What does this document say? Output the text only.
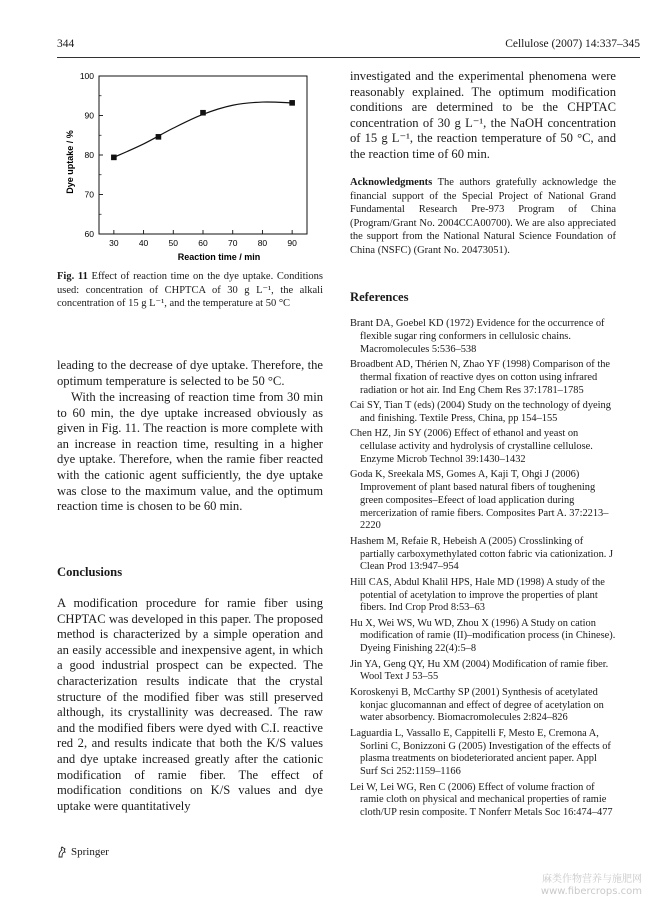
344	Cellulose (2007) 14:337–345
30 40 50 60 70 80 90
60
70
80
90
100
Reaction time / min
Dye uptake / %
Fig. 11 Effect of reaction time on the dye uptake. Conditions used: concentration of CHPTCA of 30 g L⁻¹, the alkali concentration of 15 g L⁻¹, and the temperature at 50 °C
leading to the decrease of dye uptake. Therefore, the optimum temperature is selected to be 50 °C.
With the increasing of reaction time from 30 min to 60 min, the dye uptake increased obviously as given in Fig. 11. The reaction is more complete with an increase in reaction time, resulting in a higher dye uptake. Therefore, when the ramie fiber reacted with the cationic agent sufficiently, the dye uptake was close to the maximum value, and the optimum reaction time is chosen to be 60 min.
Conclusions
A modification procedure for ramie fiber using CHPTAC was developed in this paper. The proposed method is characterized by a simple operation and an easily accessible and inexpensive agent, in which a good industrial prospect can be expected. The characterization results indicate that the crystal structure of the modified fiber was still preserved although, its crystallinity was decreased. The raw and the modified fibers were dyed with C.I. reactive red 2, and results indicate that both the K/S values and dye uptake increased greatly after the cationic modification of ramie fiber. The effect of modification conditions on K/S values and dye uptake were quantitatively
investigated and the experimental phenomena were reasonably explained. The optimum modification conditions are determined to be the CHPTAC concentration of 30 g L⁻¹, the NaOH concentration of 15 g L⁻¹, the reaction temperature of 50 °C, and the reaction time of 60 min.
Acknowledgments The authors gratefully acknowledge the financial support of the Special Project of National Grand Fundamental Research Pre-973 Program of China (Program/Grant No. 2004CCA00700). We are also appreciated the support from the National Natural Science Foundation of China (NSFC) (Grant No. 20473051).
References
Brant DA, Goebel KD (1972) Evidence for the occurrence of flexible sugar ring conformers in cellulosic chains. Macromolecules 5:536–538
Broadbent AD, Thérien N, Zhao YF (1998) Comparison of the thermal fixation of reactive dyes on cotton using infrared radiation or hot air. Ind Eng Chem Res 37:1781–1785
Cai SY, Tian T (eds) (2004) Study on the technology of dyeing and finishing. Textile Press, China, pp 154–155
Chen HZ, Jin SY (2006) Effect of ethanol and yeast on cellulase activity and hydrolysis of crystalline cellulose. Enzyme Microb Technol 39:1430–1432
Goda K, Sreekala MS, Gomes A, Kaji T, Ohgi J (2006) Improvement of plant based natural fibers of toughening green composites–Efeect of load application during mercerization of ramie fibers. Composites Part A. 37:2213–2220
Hashem M, Refaie R, Hebeish A (2005) Crosslinking of partially carboxymethylated cotton fabric via cationization. J Clean Prod 13:947–954
Hill CAS, Abdul Khalil HPS, Hale MD (1998) A study of the potential of acetylation to improve the properties of plant fibers. Ind Crop Prod 8:53–63
Hu X, Wei WS, Wu WD, Zhou X (1996) A Study on cation modification of ramie (II)–modification process (in Chinese). Dyeing Finishing 22(4):5–8
Jin YA, Geng QY, Hu XM (2004) Modification of ramie fiber. Wool Text J 53–55
Koroskenyi B, McCarthy SP (2001) Synthesis of acetylated konjac glucomannan and effect of degree of acetylation on water absorbency. Biomacromolecules 2:824–826
Laguardia L, Vassallo E, Cappitelli F, Mesto E, Cremona A, Sorlini C, Bonizzoni G (2005) Investigation of the effects of plasma treatments on biodeteriorated ancient paper. Appl Surf Sci 252:1159–1166
Lei W, Lei WG, Ren C (2006) Effect of volume fraction of ramie cloth on physical and mechanical properties of ramie cloth/UP resin composite. T Nonferr Metals Soc 16:474–477
Springer
麻类作物营养与施肥网
www.fibercrops.com
